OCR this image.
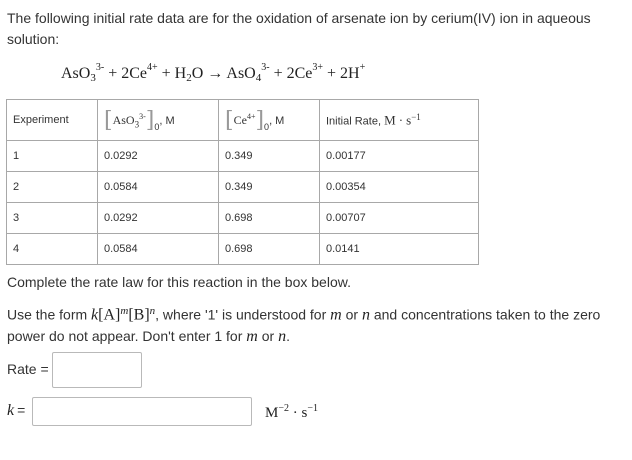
The following initial rate data are for the oxidation of arsenate ion by cerium(IV) ion in aqueous solution:
$AsO_3^{3-} + 2Ce^{4+} + H_2O \to AsO_4^{3-} + 2Ce^{3+} + 2H^+$
Experiment	$[AsO_3^{3-}]_0$, M	$[Ce^{4+}]_0$, M	Initial Rate, $M \cdot s^{-1}$
1	0.0292	0.349	0.00177
2	0.0584	0.349	0.00354
3	0.0292	0.698	0.00707
4	0.0584	0.698	0.0141
Complete the rate law for this reaction in the box below.
Use the form $k[A]^m[B]^n$, where '1' is understood for m or n and concentrations taken to the zero power do not appear. Don't enter 1 for m or n.
Rate =
k =	$M^{-2} \cdot s^{-1}$
